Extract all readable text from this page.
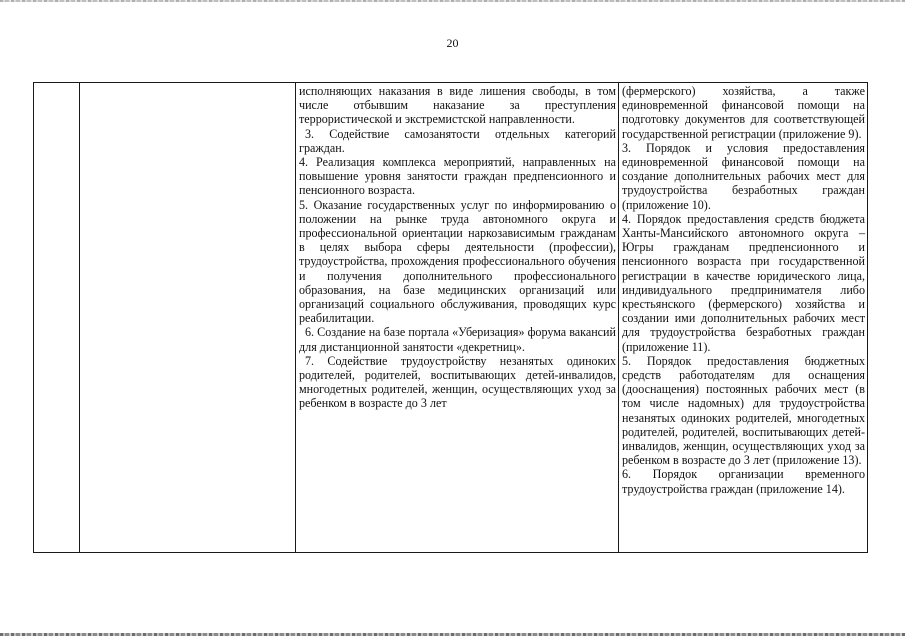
20

исполняющих наказания в виде лишения свободы, в том числе отбывшим наказание за преступления террористической и экстремистской направленности.
3. Содействие самозанятости отдельных категорий граждан.
4. Реализация комплекса мероприятий, направленных на повышение уровня занятости граждан предпенсионного и пенсионного возраста.
5. Оказание государственных услуг по информированию о положении на рынке труда автономного округа и профессиональной ориентации наркозависимым гражданам в целях выбора сферы деятельности (профессии), трудоустройства, прохождения профессионального обучения и получения дополнительного профессионального образования, на базе медицинских организаций или организаций социального обслуживания, проводящих курс реабилитации.
6. Создание на базе портала «Уберизация» форума вакансий для дистанционной занятости «декретниц».
7. Содействие трудоустройству незанятых одиноких родителей, родителей, воспитывающих детей-инвалидов, многодетных родителей, женщин, осуществляющих уход за ребенком в возрасте до 3 лет

(фермерского) хозяйства, а также единовременной финансовой помощи на подготовку документов для соответствующей государственной регистрации (приложение 9).
3. Порядок и условия предоставления единовременной финансовой помощи на создание дополнительных рабочих мест для трудоустройства безработных граждан (приложение 10).
4. Порядок предоставления средств бюджета Ханты-Мансийского автономного округа – Югры гражданам предпенсионного и пенсионного возраста при государственной регистрации в качестве юридического лица, индивидуального предпринимателя либо крестьянского (фермерского) хозяйства и создании ими дополнительных рабочих мест для трудоустройства безработных граждан (приложение 11).
5. Порядок предоставления бюджетных средств работодателям для оснащения (дооснащения) постоянных рабочих мест (в том числе надомных) для трудоустройства незанятых одиноких родителей, многодетных родителей, родителей, воспитывающих детей-инвалидов, женщин, осуществляющих уход за ребенком в возрасте до 3 лет (приложение 13).
6. Порядок организации временного трудоустройства граждан (приложение 14).
